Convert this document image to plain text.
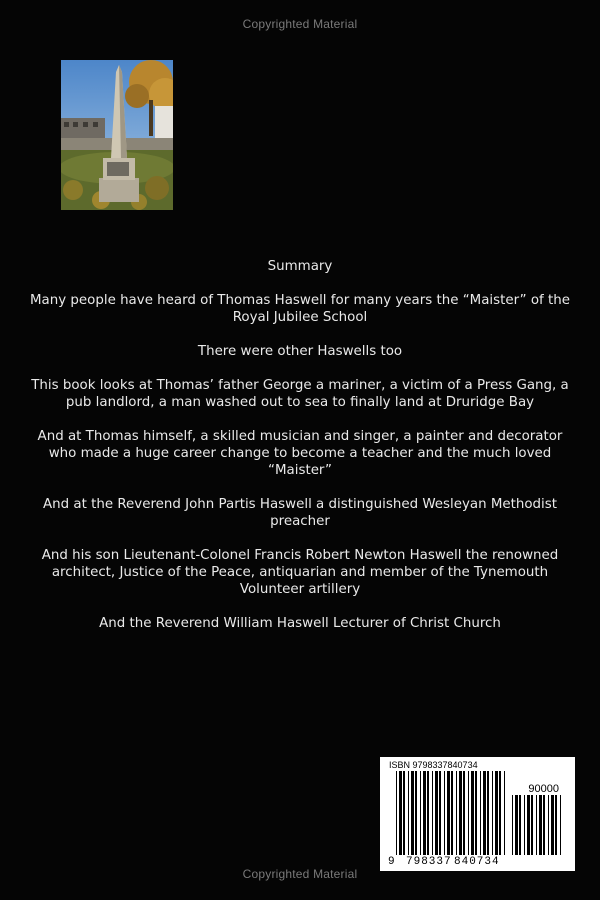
Copyrighted Material

Summary

Many people have heard of Thomas Haswell for many years the “Maister” of the Royal Jubilee School

There were other Haswells too

This book looks at Thomas’ father George a mariner, a victim of a Press Gang, a pub landlord, a man washed out to sea to finally land at Druridge Bay

And at Thomas himself, a skilled musician and singer, a painter and decorator who made a huge career change to become a teacher and the much loved “Maister”

And at the Reverend John Partis Haswell a distinguished Wesleyan Methodist preacher

And his son Lieutenant-Colonel Francis Robert Newton Haswell the renowned architect, Justice of the Peace, antiquarian and member of the Tynemouth Volunteer artillery

And the Reverend William Haswell Lecturer of Christ Church

ISBN 9798337840734
90000
9 798337 840734
Copyrighted Material
